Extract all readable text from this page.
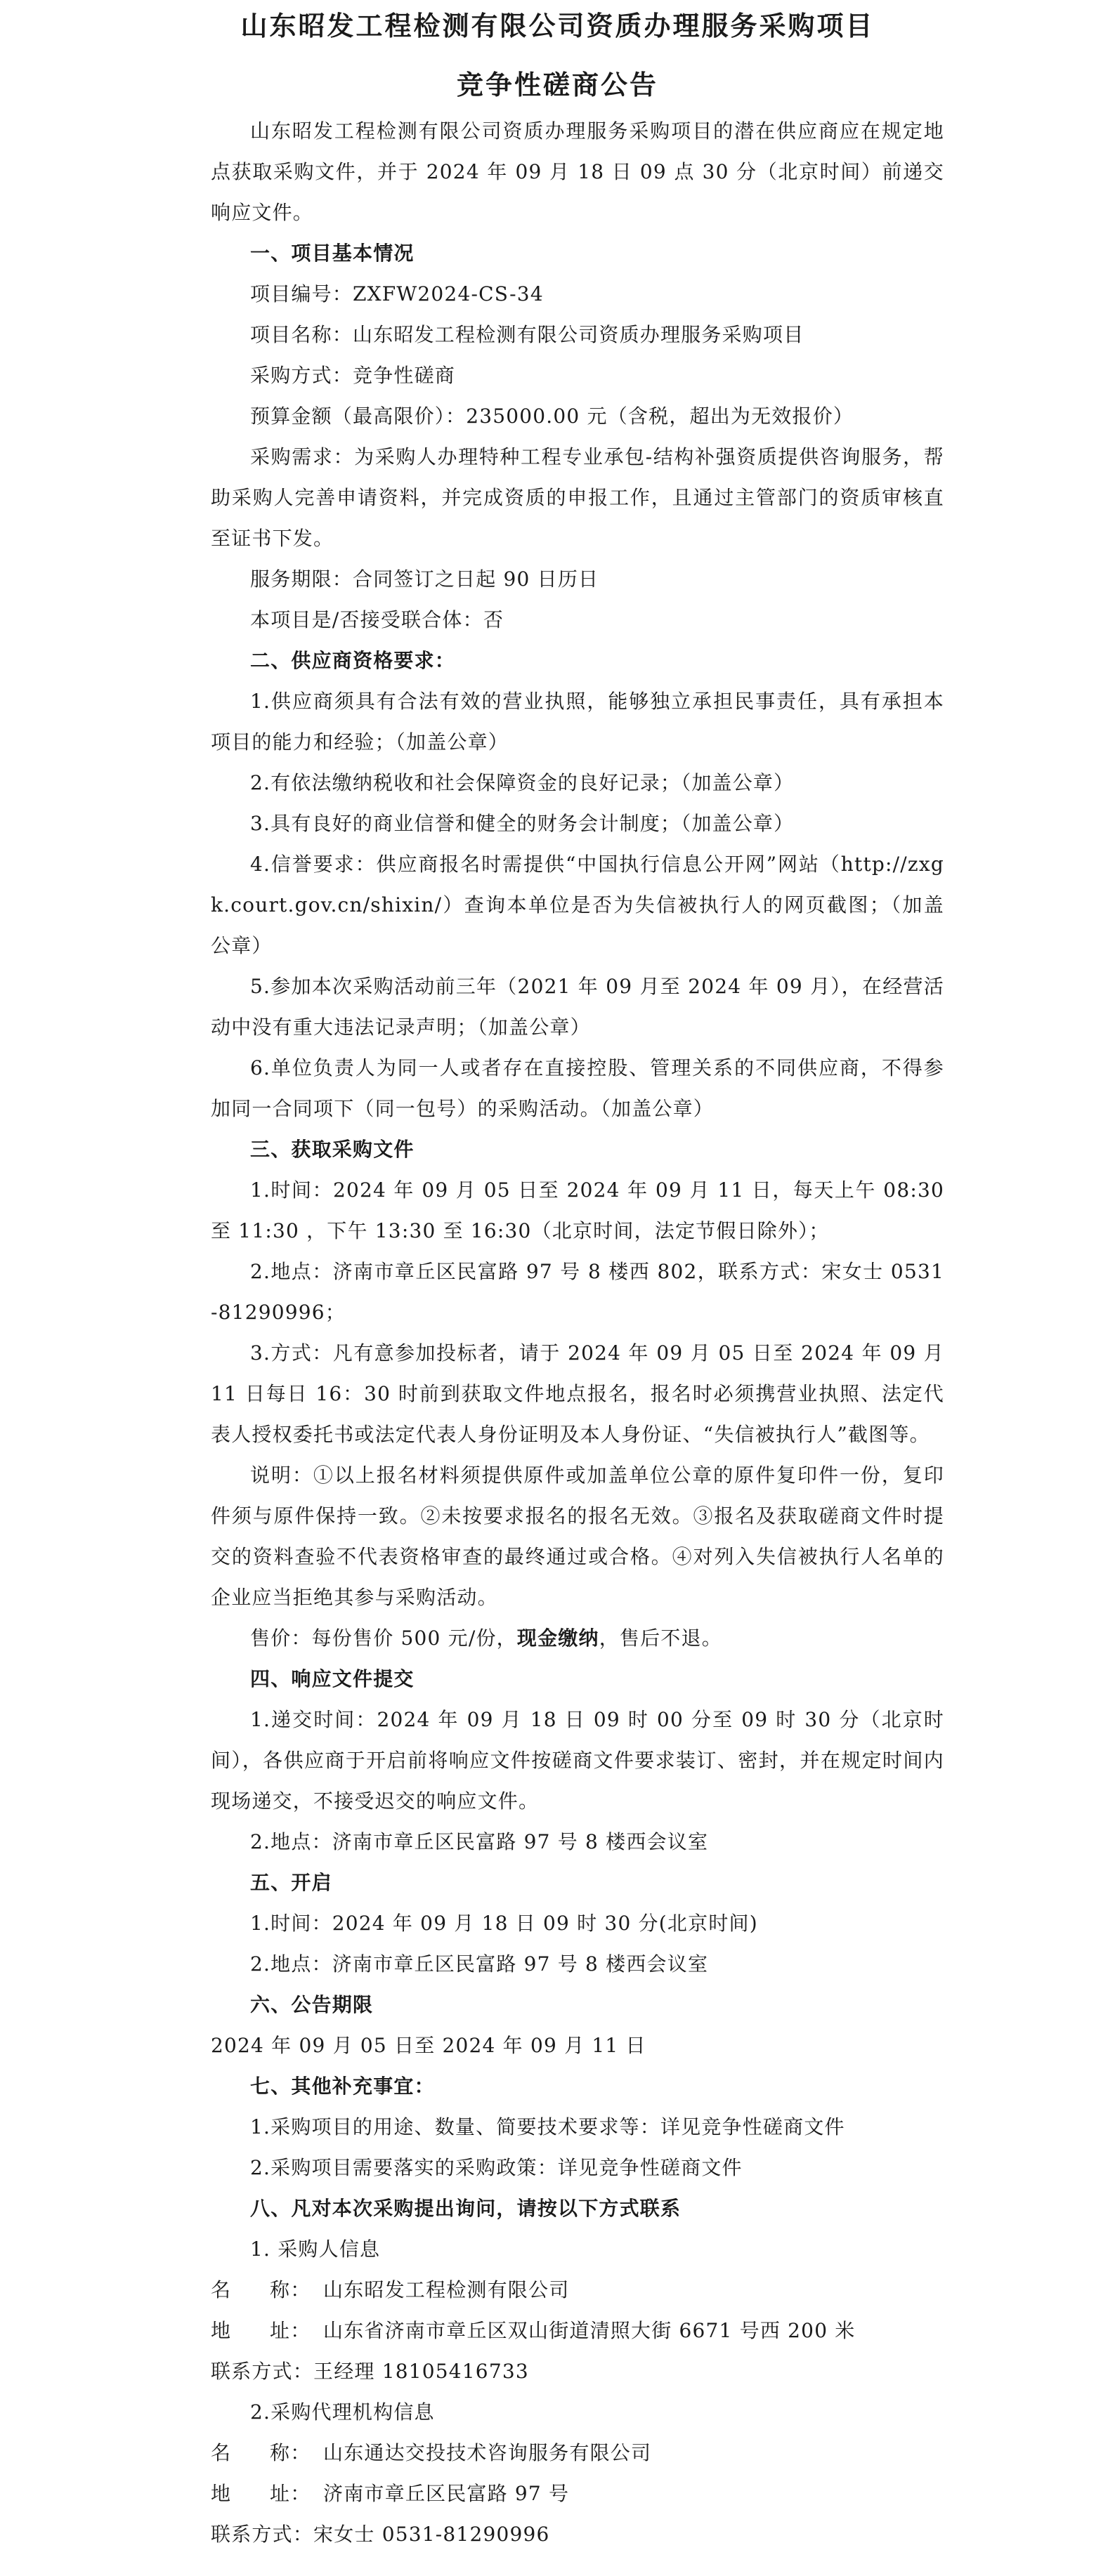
山东昭发工程检测有限公司资质办理服务采购项目
竞争性磋商公告

山东昭发工程检测有限公司资质办理服务采购项目的潜在供应商应在规定地点获取采购文件，并于 2024 年 09 月 18 日 09 点 30 分（北京时间）前递交响应文件。

一、项目基本情况

项目编号：ZXFW2024-CS-34

项目名称：山东昭发工程检测有限公司资质办理服务采购项目

采购方式：竞争性磋商

预算金额（最高限价）：235000.00 元（含税，超出为无效报价）

采购需求：为采购人办理特种工程专业承包-结构补强资质提供咨询服务，帮助采购人完善申请资料，并完成资质的申报工作，且通过主管部门的资质审核直至证书下发。

服务期限：合同签订之日起 90 日历日

本项目是/否接受联合体：否

二、供应商资格要求：

1.供应商须具有合法有效的营业执照，能够独立承担民事责任，具有承担本项目的能力和经验；（加盖公章）

2.有依法缴纳税收和社会保障资金的良好记录；（加盖公章）

3.具有良好的商业信誉和健全的财务会计制度；（加盖公章）

4.信誉要求：供应商报名时需提供“中国执行信息公开网”网站（http://zxgk.court.gov.cn/shixin/）查询本单位是否为失信被执行人的网页截图；（加盖公章）

5.参加本次采购活动前三年（2021 年 09 月至 2024 年 09 月），在经营活动中没有重大违法记录声明；（加盖公章）

6.单位负责人为同一人或者存在直接控股、管理关系的不同供应商，不得参加同一合同项下（同一包号）的采购活动。（加盖公章）

三、获取采购文件

1.时间：2024 年 09 月 05 日至 2024 年 09 月 11 日，每天上午 08:30 至 11:30 ，下午 13:30 至 16:30（北京时间，法定节假日除外）；

2.地点：济南市章丘区民富路 97 号 8 楼西 802，联系方式：宋女士 0531-81290996；

3.方式：凡有意参加投标者，请于 2024 年 09 月 05 日至 2024 年 09 月 11 日每日 16：30 时前到获取文件地点报名，报名时必须携营业执照、法定代表人授权委托书或法定代表人身份证明及本人身份证、“失信被执行人”截图等。

说明：①以上报名材料须提供原件或加盖单位公章的原件复印件一份，复印件须与原件保持一致。②未按要求报名的报名无效。③报名及获取磋商文件时提交的资料查验不代表资格审查的最终通过或合格。④对列入失信被执行人名单的企业应当拒绝其参与采购活动。

售价：每份售价 500 元/份，现金缴纳，售后不退。

四、响应文件提交

1.递交时间：2024 年 09 月 18 日 09 时 00 分至 09 时 30 分（北京时间），各供应商于开启前将响应文件按磋商文件要求装订、密封，并在规定时间内现场递交，不接受迟交的响应文件。

2.地点：济南市章丘区民富路 97 号 8 楼西会议室

五、开启

1.时间：2024 年 09 月 18 日 09 时 30 分(北京时间)

2.地点：济南市章丘区民富路 97 号 8 楼西会议室

六、公告期限

2024 年 09 月 05 日至 2024 年 09 月 11 日

七、其他补充事宜：

1.采购项目的用途、数量、简要技术要求等：详见竞争性磋商文件

2.采购项目需要落实的采购政策：详见竞争性磋商文件

八、凡对本次采购提出询问，请按以下方式联系

1. 采购人信息

名 称： 山东昭发工程检测有限公司

地 址： 山东省济南市章丘区双山街道清照大街 6671 号西 200 米

联系方式：王经理 18105416733

2.采购代理机构信息

名 称： 山东通达交投技术咨询服务有限公司

地 址： 济南市章丘区民富路 97 号

联系方式：宋女士 0531-81290996
